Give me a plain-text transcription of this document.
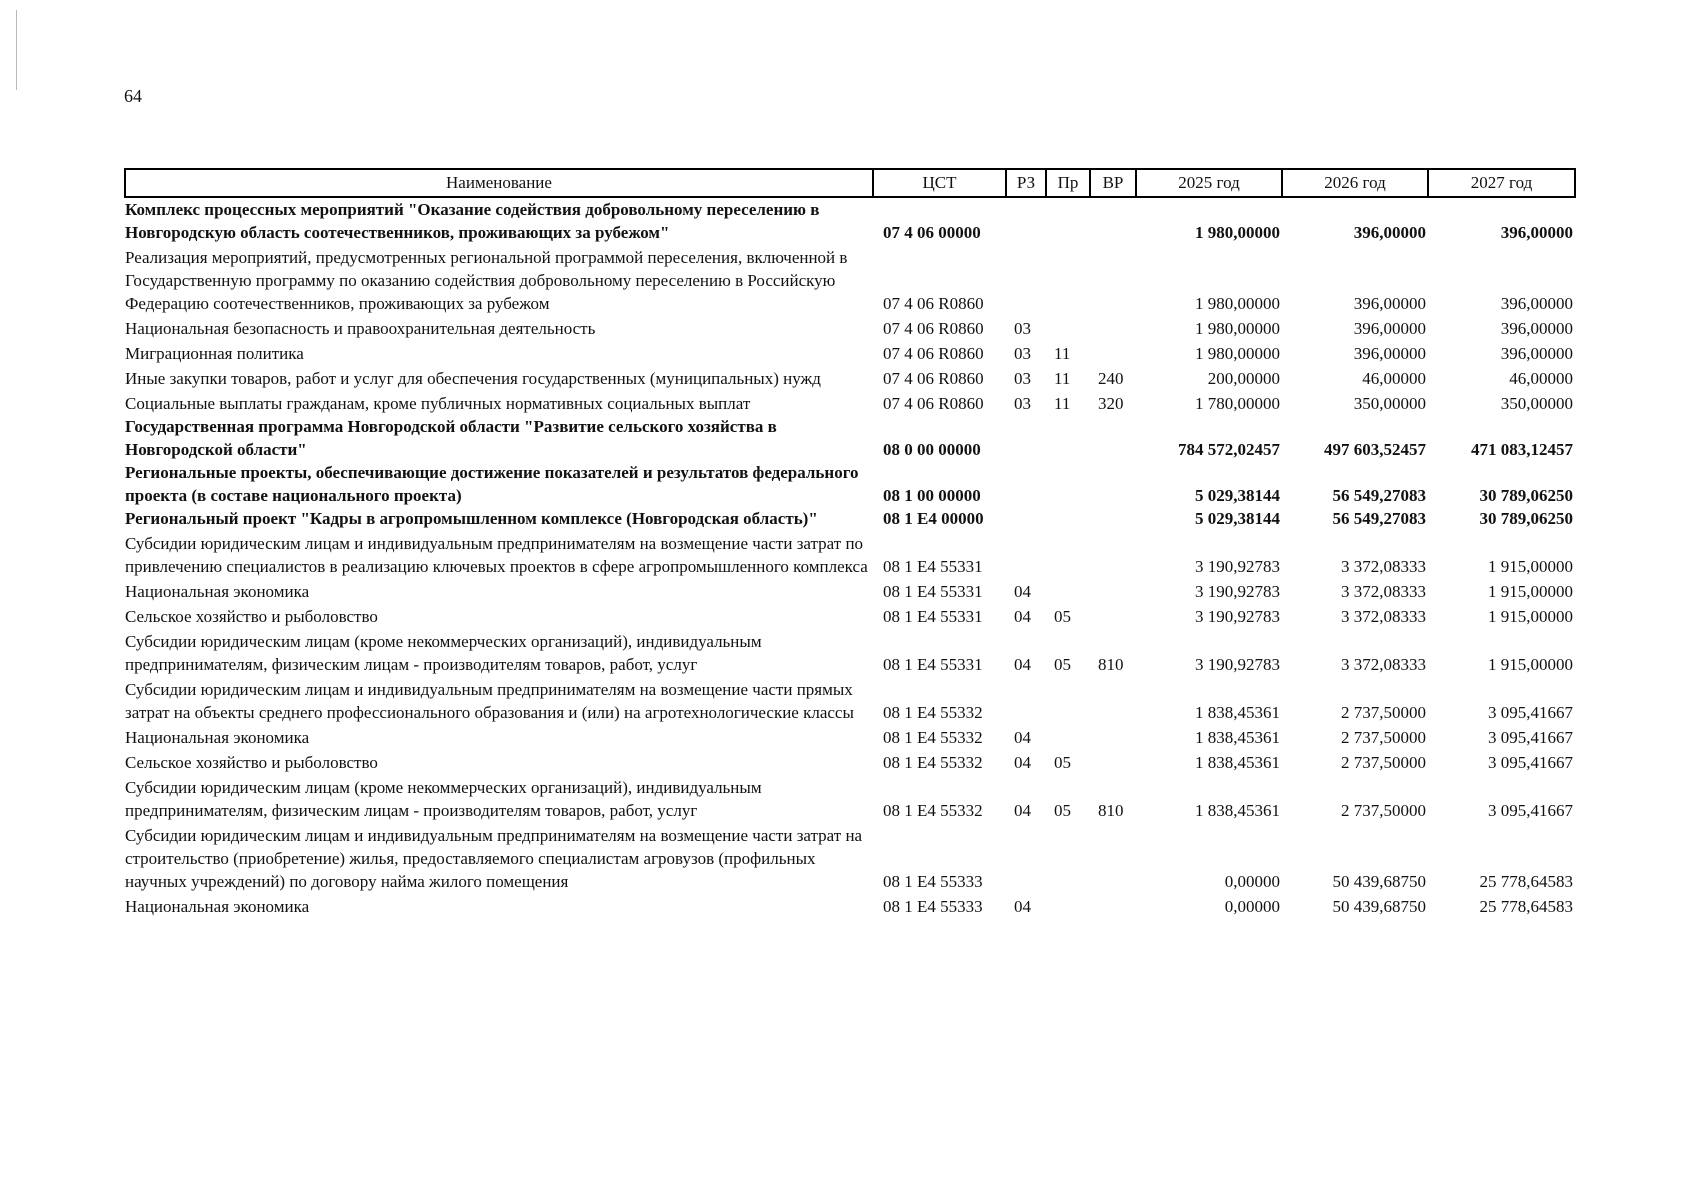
64
Наименование	ЦСТ	РЗ	Пр	ВР	2025 год	2026 год	2027 год
Комплекс процессных мероприятий "Оказание содействия добровольному переселению в Новгородскую область соотечественников, проживающих за рубежом"	07 4 06 00000				1 980,00000	396,00000	396,00000
Реализация мероприятий, предусмотренных региональной программой переселения, включенной в Государственную программу по оказанию содействия добровольному переселению в Российскую Федерацию соотечественников, проживающих за рубежом	07 4 06 R0860				1 980,00000	396,00000	396,00000
Национальная безопасность и правоохранительная деятельность	07 4 06 R0860	03			1 980,00000	396,00000	396,00000
Миграционная политика	07 4 06 R0860	03	11		1 980,00000	396,00000	396,00000
Иные закупки товаров, работ и услуг для обеспечения государственных (муниципальных) нужд	07 4 06 R0860	03	11	240	200,00000	46,00000	46,00000
Социальные выплаты гражданам, кроме публичных нормативных социальных выплат	07 4 06 R0860	03	11	320	1 780,00000	350,00000	350,00000
Государственная программа Новгородской области "Развитие сельского хозяйства в Новгородской области"	08 0 00 00000				784 572,02457	497 603,52457	471 083,12457
Региональные проекты, обеспечивающие достижение показателей и результатов федерального проекта (в составе национального проекта)	08 1 00 00000				5 029,38144	56 549,27083	30 789,06250
Региональный проект "Кадры в агропромышленном комплексе (Новгородская область)"	08 1 E4 00000				5 029,38144	56 549,27083	30 789,06250
Субсидии юридическим лицам и индивидуальным предпринимателям на возмещение части затрат по привлечению специалистов в реализацию ключевых проектов в сфере агропромышленного комплекса	08 1 E4 55331				3 190,92783	3 372,08333	1 915,00000
Национальная экономика	08 1 E4 55331	04			3 190,92783	3 372,08333	1 915,00000
Сельское хозяйство и рыболовство	08 1 E4 55331	04	05		3 190,92783	3 372,08333	1 915,00000
Субсидии юридическим лицам (кроме некоммерческих организаций), индивидуальным предпринимателям, физическим лицам - производителям товаров, работ, услуг	08 1 E4 55331	04	05	810	3 190,92783	3 372,08333	1 915,00000
Субсидии юридическим лицам и индивидуальным предпринимателям на возмещение части прямых затрат на объекты среднего профессионального образования и (или) на агротехнологические классы	08 1 E4 55332				1 838,45361	2 737,50000	3 095,41667
Национальная экономика	08 1 E4 55332	04			1 838,45361	2 737,50000	3 095,41667
Сельское хозяйство и рыболовство	08 1 E4 55332	04	05		1 838,45361	2 737,50000	3 095,41667
Субсидии юридическим лицам (кроме некоммерческих организаций), индивидуальным предпринимателям, физическим лицам - производителям товаров, работ, услуг	08 1 E4 55332	04	05	810	1 838,45361	2 737,50000	3 095,41667
Субсидии юридическим лицам и индивидуальным предпринимателям на возмещение части затрат на строительство (приобретение) жилья, предоставляемого специалистам агровузов (профильных научных учреждений) по договору найма жилого помещения	08 1 E4 55333				0,00000	50 439,68750	25 778,64583
Национальная экономика	08 1 E4 55333	04			0,00000	50 439,68750	25 778,64583
